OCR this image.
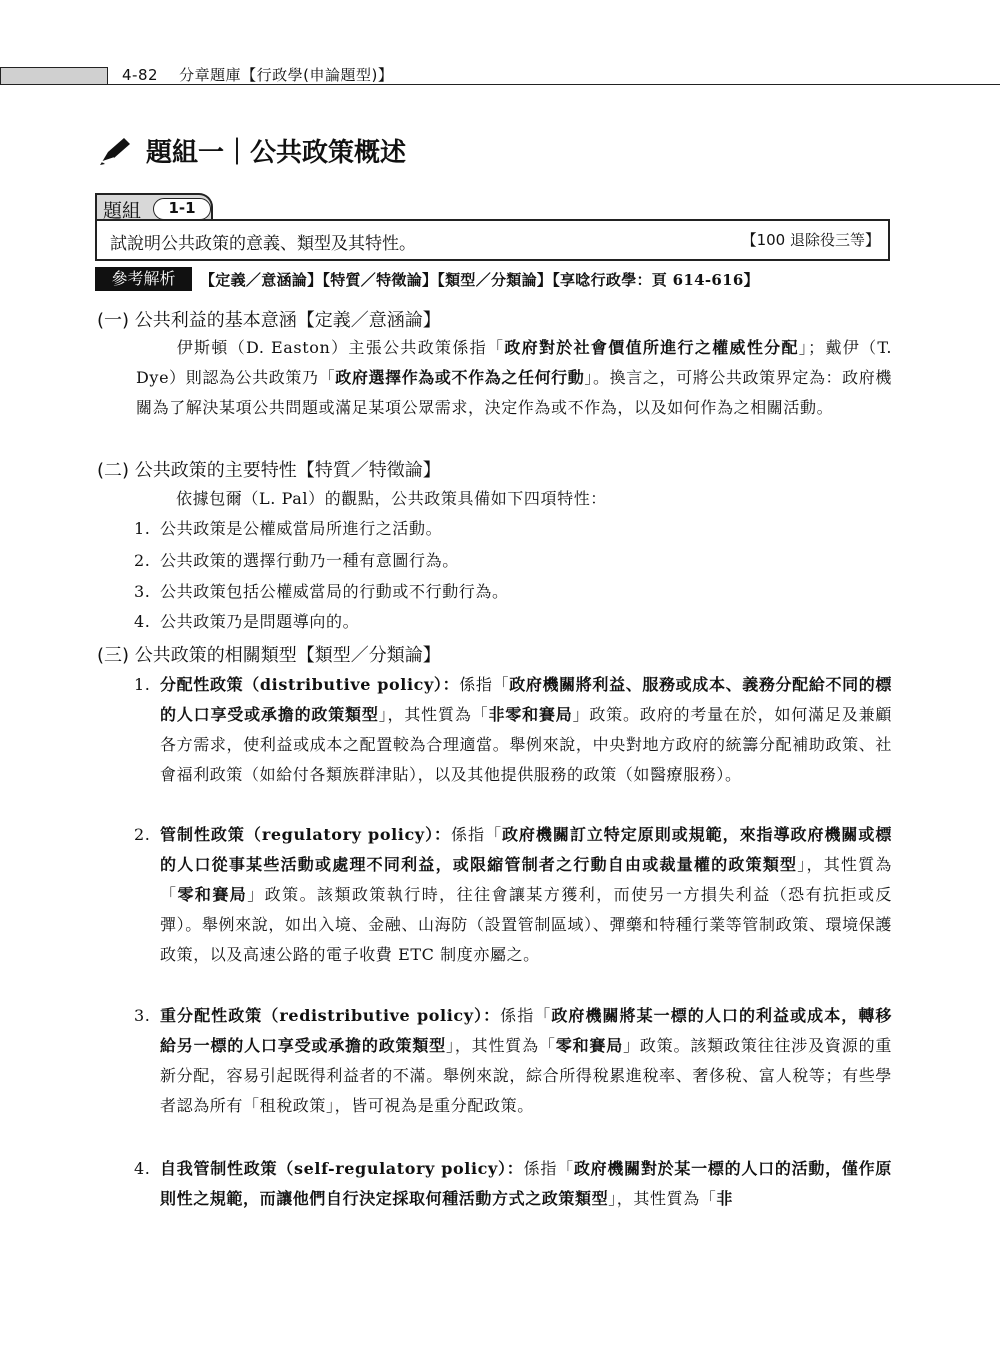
4-82 分章題庫【行政學(申論題型)】
題組一｜公共政策概述
題組	1-1
試說明公共政策的意義、類型及其特性。	【100 退除役三等】
參考解析	【定義／意涵論】【特質／特徵論】【類型／分類論】【享唸行政學：頁 614-616】
(一) 公共利益的基本意涵【定義／意涵論】
伊斯頓（D. Easton）主張公共政策係指「政府對於社會價值所進行之權威性分配」；戴伊（T. Dye）則認為公共政策乃「政府選擇作為或不作為之任何行動」。換言之，可將公共政策界定為：政府機關為了解決某項公共問題或滿足某項公眾需求，決定作為或不作為，以及如何作為之相關活動。
(二) 公共政策的主要特性【特質／特徵論】
依據包爾（L. Pal）的觀點，公共政策具備如下四項特性：
1. 公共政策是公權威當局所進行之活動。
2. 公共政策的選擇行動乃一種有意圖行為。
3. 公共政策包括公權威當局的行動或不行動行為。
4. 公共政策乃是問題導向的。
(三) 公共政策的相關類型【類型／分類論】
1. 分配性政策（distributive policy）：係指「政府機關將利益、服務或成本、義務分配給不同的標的人口享受或承擔的政策類型」，其性質為「非零和賽局」政策。政府的考量在於，如何滿足及兼顧各方需求，使利益或成本之配置較為合理適當。舉例來說，中央對地方政府的統籌分配補助政策、社會福利政策（如給付各類族群津貼），以及其他提供服務的政策（如醫療服務）。
2. 管制性政策（regulatory policy）：係指「政府機關訂立特定原則或規範，來指導政府機關或標的人口從事某些活動或處理不同利益，或限縮管制者之行動自由或裁量權的政策類型」，其性質為「零和賽局」政策。該類政策執行時，往往會讓某方獲利，而使另一方損失利益（恐有抗拒或反彈）。舉例來說，如出入境、金融、山海防（設置管制區域）、彈藥和特種行業等管制政策、環境保護政策，以及高速公路的電子收費 ETC 制度亦屬之。
3. 重分配性政策（redistributive policy）：係指「政府機關將某一標的人口的利益或成本，轉移給另一標的人口享受或承擔的政策類型」，其性質為「零和賽局」政策。該類政策往往涉及資源的重新分配，容易引起既得利益者的不滿。舉例來說，綜合所得稅累進稅率、奢侈稅、富人稅等；有些學者認為所有「租稅政策」，皆可視為是重分配政策。
4. 自我管制性政策（self-regulatory policy）：係指「政府機關對於某一標的人口的活動，僅作原則性之規範，而讓他們自行決定採取何種活動方式之政策類型」，其性質為「非
